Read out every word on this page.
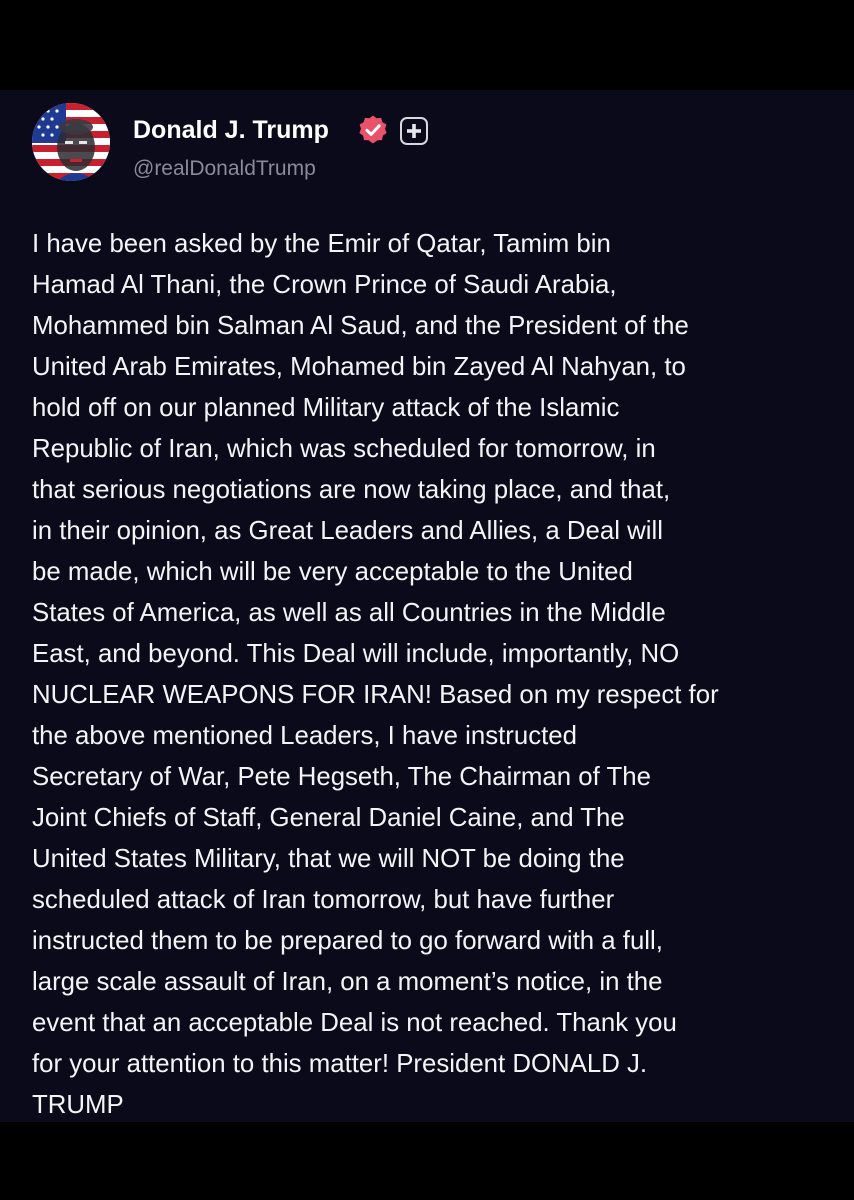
Donald J. Trump
@realDonaldTrump

I have been asked by the Emir of Qatar, Tamim bin
Hamad Al Thani, the Crown Prince of Saudi Arabia,
Mohammed bin Salman Al Saud, and the President of the
United Arab Emirates, Mohamed bin Zayed Al Nahyan, to
hold off on our planned Military attack of the Islamic
Republic of Iran, which was scheduled for tomorrow, in
that serious negotiations are now taking place, and that,
in their opinion, as Great Leaders and Allies, a Deal will
be made, which will be very acceptable to the United
States of America, as well as all Countries in the Middle
East, and beyond. This Deal will include, importantly, NO
NUCLEAR WEAPONS FOR IRAN! Based on my respect for
the above mentioned Leaders, I have instructed
Secretary of War, Pete Hegseth, The Chairman of The
Joint Chiefs of Staff, General Daniel Caine, and The
United States Military, that we will NOT be doing the
scheduled attack of Iran tomorrow, but have further
instructed them to be prepared to go forward with a full,
large scale assault of Iran, on a moment’s notice, in the
event that an acceptable Deal is not reached. Thank you
for your attention to this matter! President DONALD J.
TRUMP
